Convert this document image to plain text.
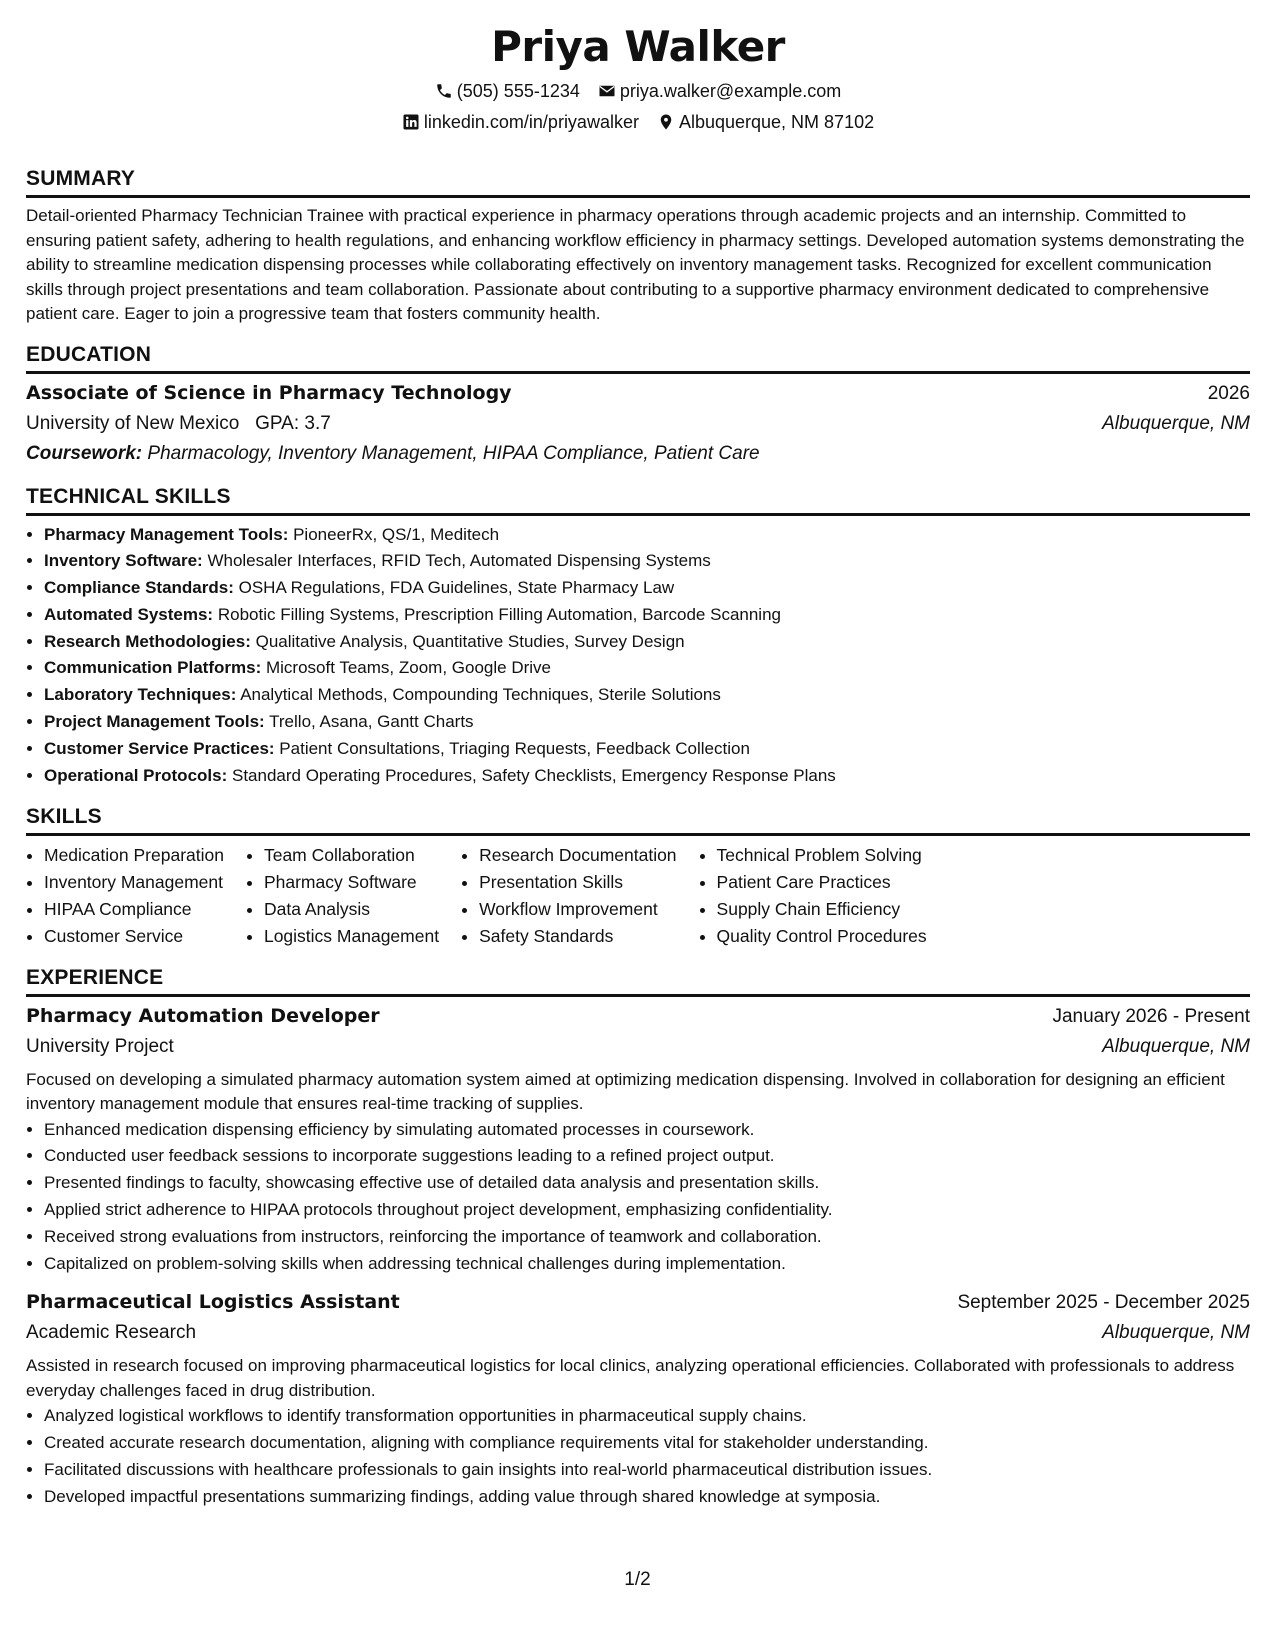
Priya Walker
(505) 555-1234 priya.walker@example.com
linkedin.com/in/priyawalker Albuquerque, NM 87102
SUMMARY

Detail-oriented Pharmacy Technician Trainee with practical experience in pharmacy operations through academic projects and an internship. Committed to ensuring patient safety, adhering to health regulations, and enhancing workflow efficiency in pharmacy settings. Developed automation systems demonstrating the ability to streamline medication dispensing processes while collaborating effectively on inventory management tasks. Recognized for excellent communication skills through project presentations and team collaboration. Passionate about contributing to a supportive pharmacy environment dedicated to comprehensive patient care. Eager to join a progressive team that fosters community health.

EDUCATION
Associate of Science in Pharmacy Technology	2026
University of New Mexico GPA: 3.7	Albuquerque, NM
Coursework: Pharmacology, Inventory Management, HIPAA Compliance, Patient Care
TECHNICAL SKILLS
• Pharmacy Management Tools: PioneerRx, QS/1, Meditech
• Inventory Software: Wholesaler Interfaces, RFID Tech, Automated Dispensing Systems
• Compliance Standards: OSHA Regulations, FDA Guidelines, State Pharmacy Law
• Automated Systems: Robotic Filling Systems, Prescription Filling Automation, Barcode Scanning
• Research Methodologies: Qualitative Analysis, Quantitative Studies, Survey Design
• Communication Platforms: Microsoft Teams, Zoom, Google Drive
• Laboratory Techniques: Analytical Methods, Compounding Techniques, Sterile Solutions
• Project Management Tools: Trello, Asana, Gantt Charts
• Customer Service Practices: Patient Consultations, Triaging Requests, Feedback Collection
• Operational Protocols: Standard Operating Procedures, Safety Checklists, Emergency Response Plans
SKILLS
• Medication Preparation
• Inventory Management
• HIPAA Compliance
• Customer Service
• Team Collaboration
• Pharmacy Software
• Data Analysis
• Logistics Management
• Research Documentation
• Presentation Skills
• Workflow Improvement
• Safety Standards
• Technical Problem Solving
• Patient Care Practices
• Supply Chain Efficiency
• Quality Control Procedures
EXPERIENCE
Pharmacy Automation Developer	January 2026 - Present
University Project	Albuquerque, NM

Focused on developing a simulated pharmacy automation system aimed at optimizing medication dispensing. Involved in collaboration for designing an efficient inventory management module that ensures real-time tracking of supplies.

• Enhanced medication dispensing efficiency by simulating automated processes in coursework.
• Conducted user feedback sessions to incorporate suggestions leading to a refined project output.
• Presented findings to faculty, showcasing effective use of detailed data analysis and presentation skills.
• Applied strict adherence to HIPAA protocols throughout project development, emphasizing confidentiality.
• Received strong evaluations from instructors, reinforcing the importance of teamwork and collaboration.
• Capitalized on problem-solving skills when addressing technical challenges during implementation.
Pharmaceutical Logistics Assistant	September 2025 - December 2025
Academic Research	Albuquerque, NM

Assisted in research focused on improving pharmaceutical logistics for local clinics, analyzing operational efficiencies. Collaborated with professionals to address everyday challenges faced in drug distribution.

• Analyzed logistical workflows to identify transformation opportunities in pharmaceutical supply chains.
• Created accurate research documentation, aligning with compliance requirements vital for stakeholder understanding.
• Facilitated discussions with healthcare professionals to gain insights into real-world pharmaceutical distribution issues.
• Developed impactful presentations summarizing findings, adding value through shared knowledge at symposia.
1/2
